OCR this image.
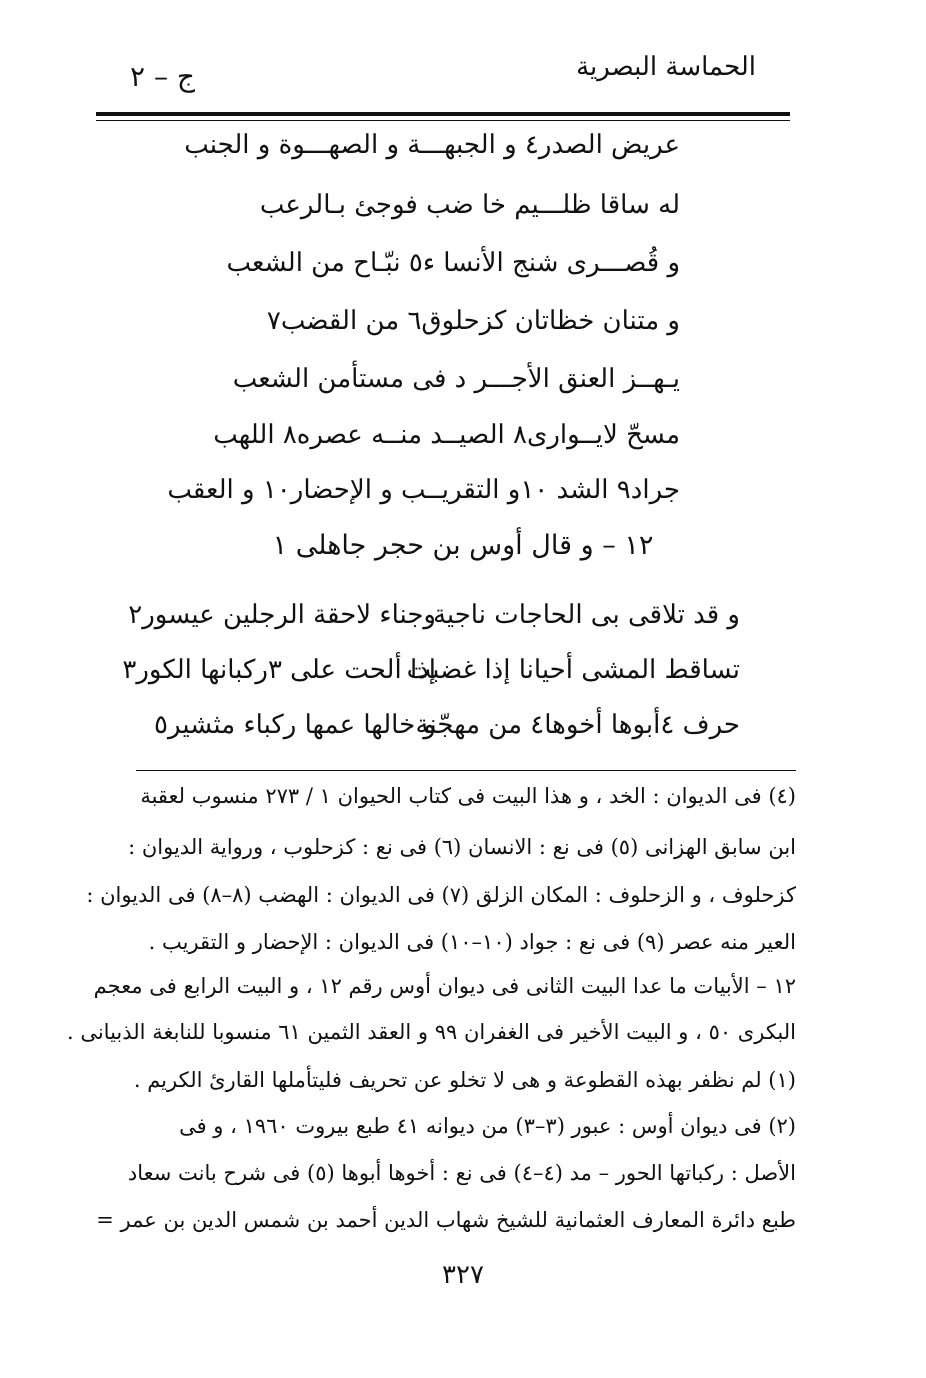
الحماسة البصرية
ج – ٢
عريض الصدر٤ و الجبهـــة و الصهـــوة و الجنب
له ساقا ظلـــيم خا ضب فوجئ بـالرعب
و قُصـــرى شنج الأنسا ء٥ نبّـاح من الشعب
و متنان خظاتان كزحلوق٦ من القضب٧
يـهــز العنق الأجـــر د فى مستأمن الشعب
مسحّ لايــوارى٨ الصيــد منــه عصره٨ اللهب
جراد٩ الشد ١٠و التقريــب و الإحضار١٠ و العقب
١٢ – و قال أوس بن حجر جاهلى ١
و قد تلاقى بى الحاجات ناجية
وجناء لاحقة الرجلين عيسور٢
تساقط المشى أحيانا إذا غضبت
إذا ألحت على ٣ركبانها الكور٣
حرف ٤أبوها أخوها٤ من مهجّنة
و خالها عمها ركباء مثشير٥
(٤) فى الديوان : الخد ، و هذا البيت فى كتاب الحيوان ١ / ٢٧٣ منسوب لعقبة
ابن سابق الهزانى (٥) فى نع : الانسان (٦) فى نع : كزحلوب ، ورواية الديوان :
كزحلوف ، و الزحلوف : المكان الزلق (٧) فى الديوان : الهضب (٨–٨) فى الديوان :
العير منه عصر (٩) فى نع : جواد (١٠–١٠) فى الديوان : الإحضار و التقريب .
١٢ – الأبيات ما عدا البيت الثانى فى ديوان أوس رقم ١٢ ، و البيت الرابع فى معجم
البكرى ٥٠ ، و البيت الأخير فى الغفران ٩٩ و العقد الثمين ٦١ منسوبا للنابغة الذبيانى .
(١) لم نظفر بهذه القطوعة و هى لا تخلو عن تحريف فليتأملها القارئ الكريم .
(٢) فى ديوان أوس : عبور (٣–٣) من ديوانه ٤١ طبع بيروت ١٩٦٠ ، و فى
الأصل : ركباتها الحور – مد (٤–٤) فى نع : أخوها أبوها (٥) فى شرح بانت سعاد
طبع دائرة المعارف العثمانية للشيخ شهاب الدين أحمد بن شمس الدين بن عمر =
٣٢٧
